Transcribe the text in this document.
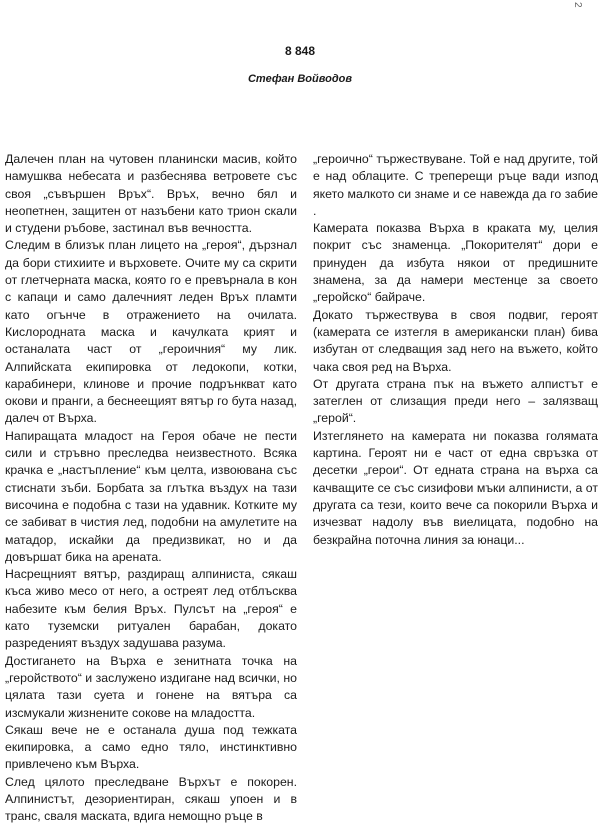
2
8 848
Стефан Войводов

Далечен план на чутовен планински масив, който намушква небесата и разбеснява ветровете със своя „съвършен Връх“. Връх, вечно бял и неопетнен, защитен от назъбени като трион скали и студени ръбове, застинал във вечността.

Следим в близък план лицето на „героя“, дързнал да бори стихиите и върховете. Очите му са скрити от глетчерната маска, която го е превърнала в кон с капаци и само далечният леден Връх пламти като огънче в отражението на очилата. Кислородната маска и качулката крият и останалата част от „героичния“ му лик. Алпийската екипировка от ледокопи, котки, карабинери, клинове и прочие подрънкват като окови и пранги, а беснеещият вятър го бута назад, далеч от Върха.

Напиращата младост на Героя обаче не пести сили и стръвно преследва неизвестното. Всяка крачка е „настъпление“ към целта, извоювана със стиснати зъби. Борбата за глътка въздух на тази височина е подобна с тази на удавник. Котките му се забиват в чистия лед, подобни на амулетите на матадор, искайки да предизвикат, но и да довършат бика на арената.

Насрещният вятър, раздиращ алпиниста, сякаш къса живо месо от него, а остреят лед отблъсква набезите към белия Връх. Пулсът на „героя“ е като туземски ритуален барабан, докато разреденият въздух задушава разума.

Достигането на Върха е зенитната точка на „геройството“ и заслужено издигане над всички, но цялата тази суета и гонене на вятъра са изсмукали жизнените сокове на младостта.

Сякаш вече не е останала душа под тежката екипировка, а само едно тяло, инстинктивно привлечено към Върха.

След цялото преследване Върхът е покорен. Алпинистът, дезориентиран, сякаш упоен и в транс, сваля маската, вдига немощно ръце в

„героично“ тържествуване. Той е над другите, той е над облаците. С треперещи ръце вади изпод якето малкото си знаме и се навежда да го забие .

Камерата показва Върха в краката му, целия покрит със знаменца. „Покорителят“ дори е принуден да избута някои от предишните знамена, за да намери местенце за своето „геройско“ байраче.

Докато тържествува в своя подвиг, героят (камерата се изтегля в американски план) бива избутан от следващия зад него на въжето, който чака своя ред на Върха.

От другата страна пък на въжето алпистът е затеглен от слизащия преди него – залязващ „герой“.

Изтеглянето на камерата ни показва голямата картина. Героят ни е част от една свръзка от десетки „герои“. От едната страна на върха са качващите се със сизифови мъки алпинисти, а от другата са тези, които вече са покорили Върха и изчезват надолу във виелицата, подобно на безкрайна поточна линия за юнаци...
